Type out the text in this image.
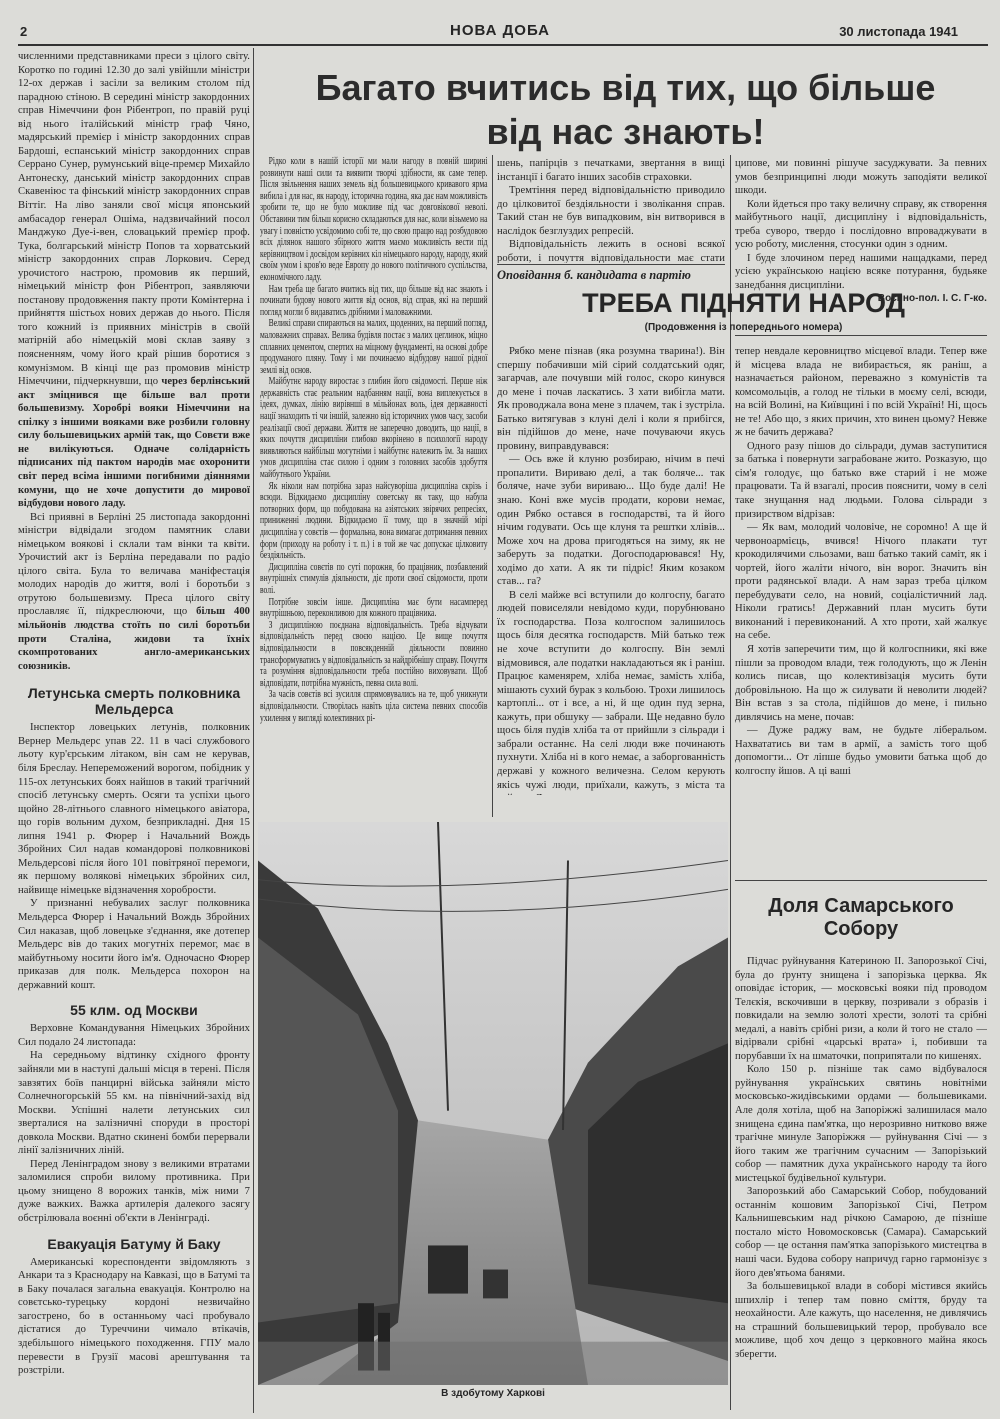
2	НОВА ДОБА	30 листопада 1941

численними представниками преси з цілого світу. Коротко по годині 12.30 до залі увійшли міністри 12-ох держав і засіли за великим столом під парадною стіною. В середині міністр закордонних справ Німеччини фон Рібентроп, по правій руці від нього італійський міністр граф Чяно, мадярський премієр і міністр закордонних справ Бардоші, еспанський міністр закордонних справ Серрано Сунер, румунський віце-премєр Михайло Антонеску, данський міністр закордонних справ Скавеніюс та фінський міністр закордонних справ Віттіг. На ліво заняли свої місця японський амбасадор генерал Ошіма, надзвичайний посол Манджуко Дуе-і-вен, словацький премієр проф. Тука, болгарський міністр Попов та хорватський міністр закордонних справ Лоркович. Серед урочистого настрою, промовив як перший, німецький міністр фон Рібентроп, заявляючи постанову продовження пакту проти Комінтерна і прийняття шістьох нових держав до нього. Після того кожний із приявних міністрів в своїй матірній або німецькій мові склав заяву з поясненням, чому його край рішив боротися з комунізмом. В кінці ще раз промовив міністр Німеччини, підчеркнувши, що через берлінський акт зміцнився ще більше вал проти большевизму. Хоробрі вояки Німеччини на спілку з іншими вояками вже розбили головну силу большевицьких армій так, що Совєти вже не вилікуються. Одначе солідарність підписаних під пактом народів має охоронити світ перед всіма іншими погибними діяннями комуни, що не хоче допустити до мирової відбудови нового ладу.

Всі приявні в Берліні 25 листопада закордонні міністри відвідали згодом памятник слави німецьком воякові і склали там вінки та квіти. Урочистий акт із Берліна передавали по радіо цілого світа. Була то величава маніфестація молодих народів до життя, волі і боротьби з отрутою большевизму. Преса цілого світу прославляє її, підкреслюючи, що більш 400 мільйонів людства стоїть по силі боротьби проти Сталіна, жидови та їхніх скомпротованих англо-американських союзників.

Летунська смерть полковника Мельдерса

Інспектор ловецьких летунів, полковник Вернер Мельдерс упав 22. 11 в часі службового льоту кур'єрським літаком, він сам не керував, біля Бреслау. Непереможений ворогом, побідник у 115-ох летунських боях найшов в такий трагічний спосіб летунську смерть. Осяги та успіхи цього щойно 28-літнього славного німецького авіатора, що горів вольним духом, безприкладні. Дня 15 липня 1941 р. Фюрер і Начальний Вождь Збройних Сил надав командорові полковникові Мельдерсові після його 101 повітряної перемоги, як першому волякові німецьких збройних сил, найвище німецьке відзначення хоробрости.

У признанні небувалих заслуг полковника Мельдерса Фюрер і Начальний Вождь Збройних Сил наказав, щоб ловецьке з'єднання, яке дотепер Мельдерс вів до таких могутніх перемог, має в майбутньому носити його ім'я. Одночасно Фюрер приказав для полк. Мельдерса похорон на державний кошт.

55 клм. од Москви

Верховне Командування Німецьких Збройних Сил подало 24 листопада:

На середньому відтинку східного фронту зайняли ми в наступі дальші місця в терені. Після завзятих боїв панцирні війська зайняли місто Солнечногорській 55 км. на північний-захід від Москви. Успішні налети летунських сил зверталися на залізничні споруди в просторі довкола Москви. Вдатно скинені бомби перервали лінії залізничних ліній.

Перед Ленінградом знову з великими втратами заломилися спроби вилому противника. При цьому знищено 8 ворожих танків, між ними 7 дуже важких. Важка артилерія далекого засягу обстрілювала воєнні об'єкти в Ленінграді.

Евакуація Батуму й Баку

Американські кореспонденти звідомляють з Анкари та з Краснодару на Кавказі, що в Батумі та в Баку почалася загальна евакуація. Контролю на совєтсько-турецьку кордоні незвичайно загострено, бо в останньому часі пробувало дістатися до Туреччини чимало втікачів, здебільшого німецького походження. ГПУ мало перевести в Грузії масові арештування та розстріли.

Багато вчитись від тих, що більше
від нас знають!

Рідко коли в нашій історії ми мали нагоду в повній ширині розвинути наші сили та виявити творчі здібности, як саме тепер. Після звільнення наших земель від большевицького кривавого ярма вибила і для нас, як народу, історична година, яка дає нам можливість зробити те, що не було можливе під час довговікової неволі. Обставини тим більш корисно складаються для нас, коли візьмемо на увагу і повністю усвідомимо собі те, що свою працю над розбудовою всіх ділянок нашого збірного життя маємо можливість вести під керівництвом і досвідом керівних кіл німецького народу, народу, який своїм умом і кров'ю веде Европу до нового політичного суспільства, економічного ладу.

Нам треба ще багато вчитись від тих, що більше від нас знають і починати будову нового життя від основ, від справ, які на перший погляд могли б видаватись дрібними і маловажними.

Великі справи спираються на малих, щоденних, на перший погляд, маловажних справах. Велика будівля постає з малих цеглинок, міцно сплавних цементом, спертих на міцному фундаменті, на основі добре продуманого пляну. Тому і ми починаємо відбудову нашої рідної землі від основ.

Майбутнє народу виростає з глибин його свідомості. Перше ніж державність стає реальним надбанням нації, вона виплекується в ідеях, думках, лінію вирівнші в мільйонах воль, ідея державності нації знаходить ті чи іншій, залежно від історичних умов часу, засоби реалізації своєї держави. Життя не заперечно доводить, що нації, в яких почуття дисципліни глибоко вкорінено в психології народу виявляються найбільш могутніми і майбутнє належить їм. За наших умов дисципліна стає силою і одним з головних засобів здобуття майбутнього України.

Як ніколи нам потрібна зараз найсуворіша дисципліна скрізь і всюди. Відкидаємо дисципліну советську як таку, що набула потворних форм, що побудована на азіятських звірячих репресіях, приниженні людини. Відкидаємо її тому, що в значній мірі дисципліна у совєтів — формальна, вона вимагає дотримання певних форм (приходу на роботу і т. п.) і в той же час допускає цілковиту бездіяльність.

Дисципліна совєтів по суті порожня, бо працівник, позбавлений внутрішніх стимулів діяльности, діє проти своєї свідомости, проти волі.

Потрібне зовсім інше. Дисципліна має бути насамперед внутрішньою, переконливою для кожного працівника.

З дисципліною поєднана відповідальність. Треба відчувати відповідальність перед своєю нацією. Це вище почуття відповідальности в повсякденній діяльности повинно трансформуватись у відповідальність за найдрібнішу справу. Почуття та розуміння відповідальности треба постійно виховувати. Щоб відповідати, потрібна мужність, певна сила волі.

За часів совєтів всі зусилля спрямовувались на те, щоб уникнути відповідальности. Створілась навіть ціла система певних способів ухилення у вигляді колективних рі-

шень, папірців з печатками, звертання в вищі інстанції і багато інших засобів страховки.

Тремтіння перед відповідальністю приводило до цілковитої бездіяльности і зволікання справ. Такий стан не був випадковим, він витворився в наслідок безглуздих репресій.

Відповідальність лежить в основі всякої роботи, і почуття відповідальности має стати

ципове, ми повинні рішуче засуджувати. За певних умов безпринципні люди можуть заподіяти великої шкоди.

Коли йдеться про таку величну справу, як створення майбутнього нації, дисципліну і відповідальність, треба суворо, твердо і послідовно впроваджувати в усю роботу, мислення, стосунки один з одним.

І буде злочином перед нашими нащадками, перед усією українською нацією всяке потурання, будьяке занедбання дисципліни.

Воєнно-пол. І. С. Г-ко.

Оповідання б. кандидата в партію
ТРЕБА ПІДНЯТИ НАРОД
(Продовження із попереднього номера)

Рябко мене пізнав (яка розумна тварина!). Він спершу побачивши мій сірий солдатський одяг, загарчав, але почувши мій голос, скоро кинувся до мене і почав ласкатись. З хати вибігла мати. Як проводжала вона мене з плачем, так і зустріла. Батько витягував з клуні делі і коли я прибігся, він підійшов до мене, наче почуваючи якусь провину, виправдувався:

— Ось вже й клуню розбираю, нічим в печі пропалити. Вириваю делі, а так боляче... так боляче, наче зуби вириваю... Що буде далі! Не знаю. Коні вже мусів продати, корови немає, один Рябко остався в господарстві, та й його нічим годувати. Ось ще клуня та рештки хлівів... Може хоч на дрова пригодяться на зиму, як не заберуть за податки. Догосподарювався! Ну, ходімо до хати. А як ти підріс! Яким козаком став... га?

В селі майже всі вступили до колгоспу, багато людей повиселяли невідомо куди, порубнювано їх господарства. Поза колгоспом залишилось щось біля десятка господарств. Мій батько теж не хоче вступити до колгоспу. Він землі відмовився, але податки накладаються як і раніш. Працює каменярем, хліба немає, замість хліба, мішають сухий бурак з кольбою. Трохи лишилось картоплі... от і все, а ні, й ще один пуд зерна, кажуть, при обшуку — забрали. Ще недавно було щось біля пудів хліба та от прийшли з сільради і забрали останнє. На селі люди вже починають пухнути. Хліба ні в кого немає, а заборгованність державі у кожного величезна. Селом керують якісь чужі люди, приїхали, кажуть, з міста та

тепер невдале керовництво місцевої влади. Тепер вже й місцева влада не вибирається, як раніш, а назначається районом, переважно з комуністів та комсомольців, а голод не тільки в моєму селі, всюди, на всій Волині, на Київщині і по всій Україні! Ні, щось не те! Або що, з яких причин, хто винен цьому? Невже ж не бачить держава?

Одного разу пішов до сільради, думав заступитися за батька і повернути заграбоване жито. Розказую, що сім'я голодує, що батько вже старий і не може працювати. Та й взагалі, просив пояснити, чому в селі таке знущання над людьми. Голова сільради з призирством відрізав:

— Як вам, молодий чоловіче, не соромно! А ще й червоноармієць, вчився! Нічого плакати тут крокодилячими сльозами, ваш батько такий саміт, як і чортей, його жаліти нічого, він ворог. Значить він проти радянської влади. А нам зараз треба цілком перебудувати село, на новий, соціалістичний лад. Ніколи гратись! Державний план мусить бути виконаний і перевиконаний. А хто проти, хай жалкує на себе.

Я хотів заперечити тим, що й колгоспники, які вже пішли за проводом влади, теж голодують, що ж Ленін колись писав, що колективізація мусить бути добровільною. На що ж силувати й неволити людей? Він встав з за стола, підійшов до мене, і пильно дивлячись на мене, почав:

— Дуже раджу вам, не будьте ліберальом. Нахвататись ви там в армії, а замість того щоб допомогти... От ліпше будьо умовити батька щоб до колгоспу йшов. А ці ваші

Доля Самарського Собору

Підчас руйнування Катериною II. Запорозької Січі, була до ґрунту знищена і запорізька церква. Як оповідає історик, — московські вояки під проводом Телєкія, вскочивши в церкву, позривали з образів і повкидали на землю золоті хрести, золоті та срібні медалі, а навіть срібні ризи, а коли й того не стало — відірвали срібні «царські врата» і, побивши та порубавши їх на шматочки, поприпятали по кишенях.

Коло 150 р. пізніше так само відбувалося руйнування українських святинь новітніми московсько-жидівськими ордами — большевиками. Але доля хотіла, щоб на Запоріжжі залишилася мало знищена єдина пам'ятка, що нерозривно нитково вяже трагічне минуле Запоріжжя — руйнування Січі — з його таким же трагічним сучасним — Запорізький собор — памятник духа українського народу та його мистецької будівельної культури.

Запорозький або Самарський Собор, побудований останнім кошовим Запорізької Січі, Петром Кальнишевським над річкою Самарою, де пізніше постало місто Новомосковськ (Самара). Самарський собор — це остання пам'ятка запорізького мистецтва в наші часи. Будова собору напричуд гарно гармонізує з його дев'ятьома банями.

За большевицької влади в соборі містився якийсь шпихлір і тепер там повно сміття, бруду та неохайности. Але кажуть, що населення, не дивлячись на страшний большевицький терор, пробувало все можливе, щоб хоч дещо з церковного майна якось зберегти.

В здобутому Харкові
